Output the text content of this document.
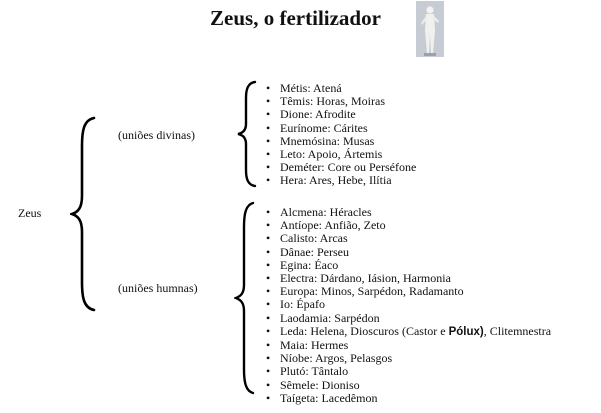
Zeus, o fertilizador
Zeus
(uniões divinas)
(uniões humnas)
• Métis: Atená
• Têmis: Horas, Moiras
• Dione: Afrodite
• Eurínome: Cárites
• Mnemósina: Musas
• Leto: Apoio, Ártemis
• Deméter: Core ou Perséfone
• Hera: Ares, Hebe, Ilítia
• Alcmena: Héracles
• Antíope: Anfião, Zeto
• Calisto: Arcas
• Dânae: Perseu
• Egina: Éaco
• Electra: Dárdano, Iásion, Harmonia
• Europa: Minos, Sarpédon, Radamanto
• Io: Épafo
• Laodamia: Sarpédon
• Leda: Helena, Dioscuros (Castor e Pólux), Clitemnestra
• Maia: Hermes
• Níobe: Argos, Pelasgos
• Plutó: Tântalo
• Sêmele: Dioniso
• Taígeta: Lacedêmon
